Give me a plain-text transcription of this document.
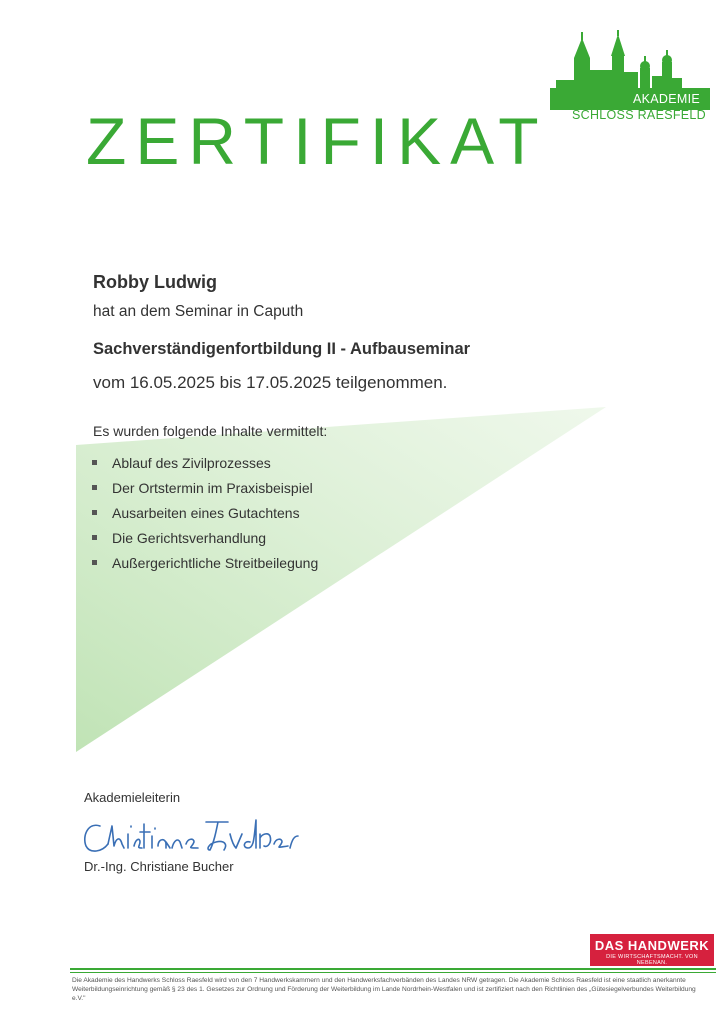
AKADEMIE
SCHLOSS RAESFELD
ZERTIFIKAT
Robby Ludwig
hat an dem Seminar in Caputh
Sachverständigenfortbildung II - Aufbauseminar
vom 16.05.2025 bis 17.05.2025 teilgenommen.
Es wurden folgende Inhalte vermittelt:
Ablauf des Zivilprozesses
Der Ortstermin im Praxisbeispiel
Ausarbeiten eines Gutachtens
Die Gerichtsverhandlung
Außergerichtliche Streitbeilegung
Akademieleiterin
Dr.-Ing. Christiane Bucher
DAS HANDWERK
DIE WIRTSCHAFTSMACHT. VON NEBENAN.
Die Akademie des Handwerks Schloss Raesfeld wird von den 7 Handwerkskammern und den Handwerksfachverbänden des Landes NRW getragen. Die Akademie Schloss Raesfeld ist eine staatlich anerkannte Weiterbildungseinrichtung gemäß § 23 des 1. Gesetzes zur Ordnung und Förderung der Weiterbildung im Lande Nordrhein-Westfalen und ist zertifiziert nach den Richtlinien des „Gütesiegelverbundes Weiterbildung e.V."
